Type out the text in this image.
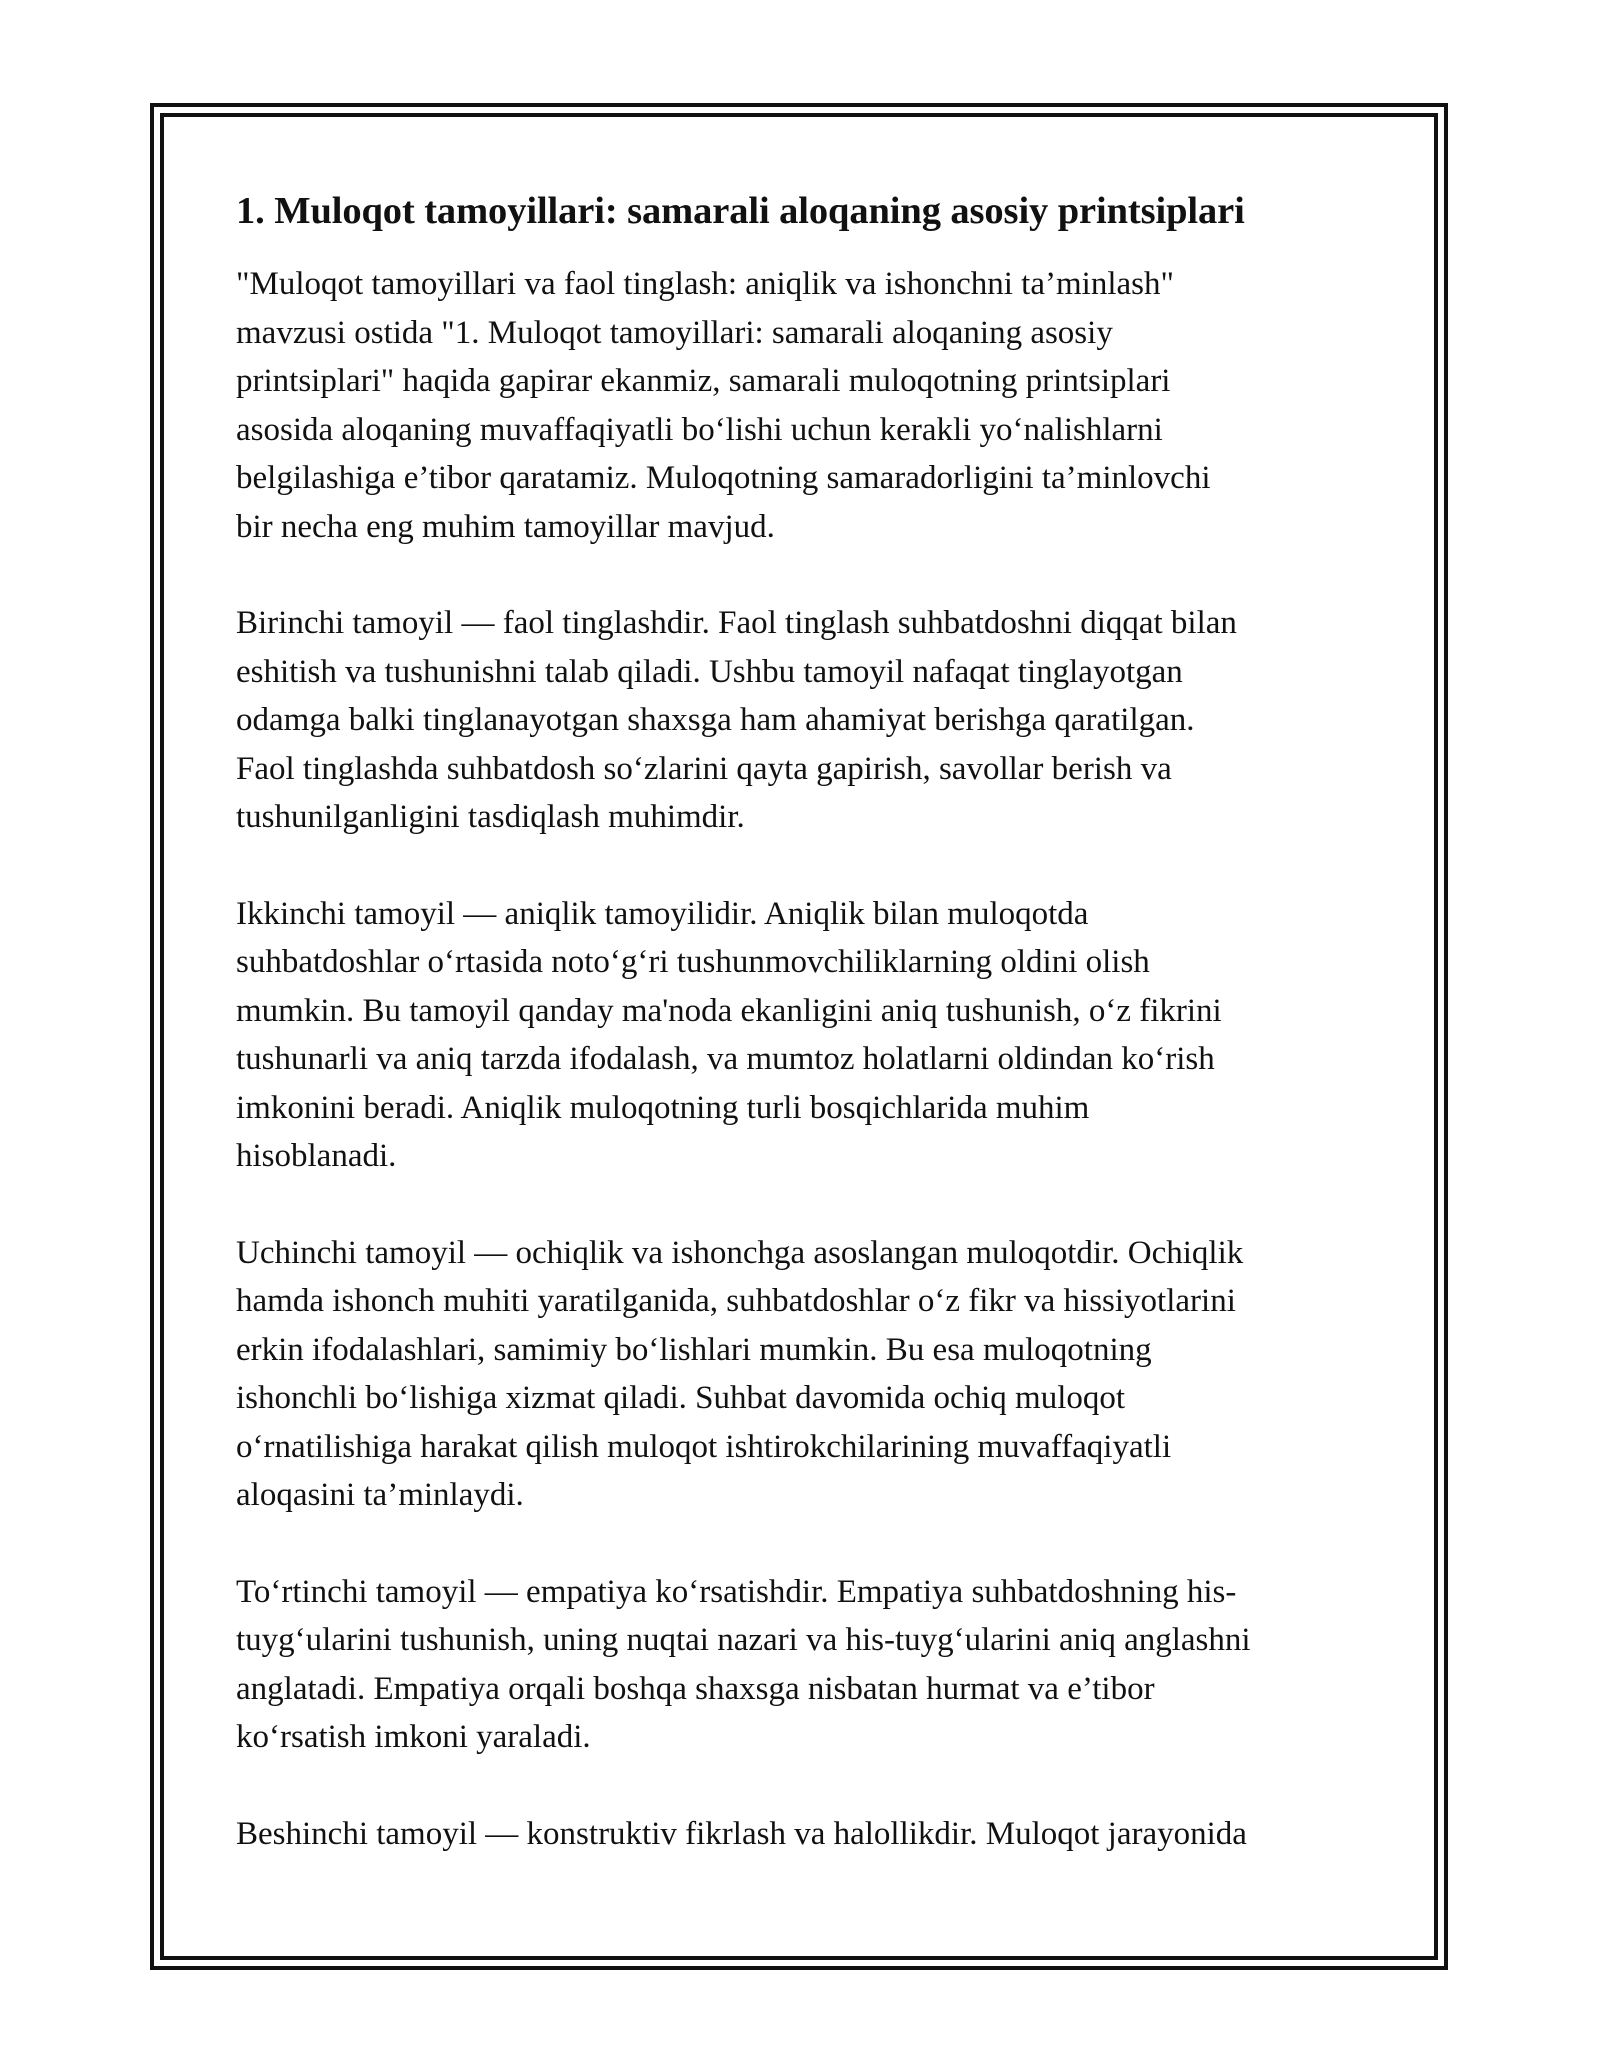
1. Muloqot tamoyillari: samarali aloqaning asosiy printsiplari

"Muloqot tamoyillari va faol tinglash: aniqlik va ishonchni ta’minlash"
mavzusi ostida "1. Muloqot tamoyillari: samarali aloqaning asosiy
printsiplari" haqida gapirar ekanmiz, samarali muloqotning printsiplari
asosida aloqaning muvaffaqiyatli bo‘lishi uchun kerakli yo‘nalishlarni
belgilashiga e’tibor qaratamiz. Muloqotning samaradorligini ta’minlovchi
bir necha eng muhim tamoyillar mavjud.

Birinchi tamoyil — faol tinglashdir. Faol tinglash suhbatdoshni diqqat bilan
eshitish va tushunishni talab qiladi. Ushbu tamoyil nafaqat tinglayotgan
odamga balki tinglanayotgan shaxsga ham ahamiyat berishga qaratilgan.
Faol tinglashda suhbatdosh so‘zlarini qayta gapirish, savollar berish va
tushunilganligini tasdiqlash muhimdir.

Ikkinchi tamoyil — aniqlik tamoyilidir. Aniqlik bilan muloqotda
suhbatdoshlar o‘rtasida noto‘g‘ri tushunmovchiliklarning oldini olish
mumkin. Bu tamoyil qanday ma'noda ekanligini aniq tushunish, o‘z fikrini
tushunarli va aniq tarzda ifodalash, va mumtoz holatlarni oldindan ko‘rish
imkonini beradi. Aniqlik muloqotning turli bosqichlarida muhim
hisoblanadi.

Uchinchi tamoyil — ochiqlik va ishonchga asoslangan muloqotdir. Ochiqlik
hamda ishonch muhiti yaratilganida, suhbatdoshlar o‘z fikr va hissiyotlarini
erkin ifodalashlari, samimiy bo‘lishlari mumkin. Bu esa muloqotning
ishonchli bo‘lishiga xizmat qiladi. Suhbat davomida ochiq muloqot
o‘rnatilishiga harakat qilish muloqot ishtirokchilarining muvaffaqiyatli
aloqasini ta’minlaydi.

To‘rtinchi tamoyil — empatiya ko‘rsatishdir. Empatiya suhbatdoshning his-
tuyg‘ularini tushunish, uning nuqtai nazari va his-tuyg‘ularini aniq anglashni
anglatadi. Empatiya orqali boshqa shaxsga nisbatan hurmat va e’tibor
ko‘rsatish imkoni yaraladi.

Beshinchi tamoyil — konstruktiv fikrlash va halollikdir. Muloqot jarayonida
